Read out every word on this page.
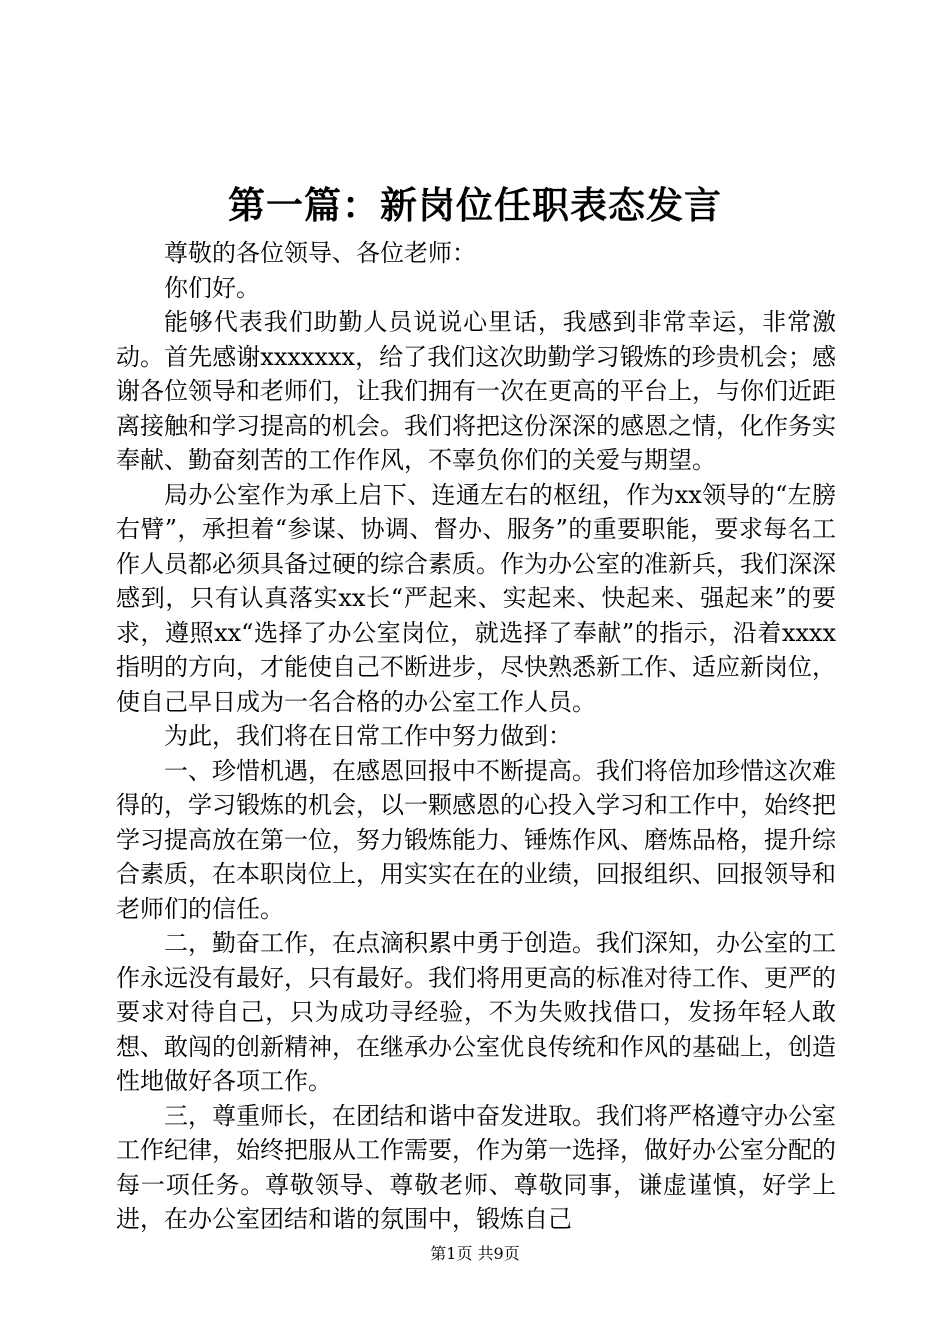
第一篇：新岗位任职表态发言

尊敬的各位领导、各位老师：

你们好。

能够代表我们助勤人员说说心里话，我感到非常幸运，非常激动。首先感谢xxxxxxx，给了我们这次助勤学习锻炼的珍贵机会；感谢各位领导和老师们，让我们拥有一次在更高的平台上，与你们近距离接触和学习提高的机会。我们将把这份深深的感恩之情，化作务实奉献、勤奋刻苦的工作作风，不辜负你们的关爱与期望。

局办公室作为承上启下、连通左右的枢纽，作为xx领导的“左膀右臂”，承担着“参谋、协调、督办、服务”的重要职能，要求每名工作人员都必须具备过硬的综合素质。作为办公室的准新兵，我们深深感到，只有认真落实xx长“严起来、实起来、快起来、强起来”的要求，遵照xx“选择了办公室岗位，就选择了奉献”的指示，沿着xxxx指明的方向，才能使自己不断进步，尽快熟悉新工作、适应新岗位，使自己早日成为一名合格的办公室工作人员。

为此，我们将在日常工作中努力做到：

一、珍惜机遇，在感恩回报中不断提高。我们将倍加珍惜这次难得的，学习锻炼的机会，以一颗感恩的心投入学习和工作中，始终把学习提高放在第一位，努力锻炼能力、锤炼作风、磨炼品格，提升综合素质，在本职岗位上，用实实在在的业绩，回报组织、回报领导和老师们的信任。

二，勤奋工作，在点滴积累中勇于创造。我们深知，办公室的工作永远没有最好，只有最好。我们将用更高的标准对待工作、更严的要求对待自己，只为成功寻经验，不为失败找借口，发扬年轻人敢想、敢闯的创新精神，在继承办公室优良传统和作风的基础上，创造性地做好各项工作。

三，尊重师长，在团结和谐中奋发进取。我们将严格遵守办公室工作纪律，始终把服从工作需要，作为第一选择，做好办公室分配的每一项任务。尊敬领导、尊敬老师、尊敬同事，谦虚谨慎，好学上进，在办公室团结和谐的氛围中，锻炼自己

第1页 共9页
